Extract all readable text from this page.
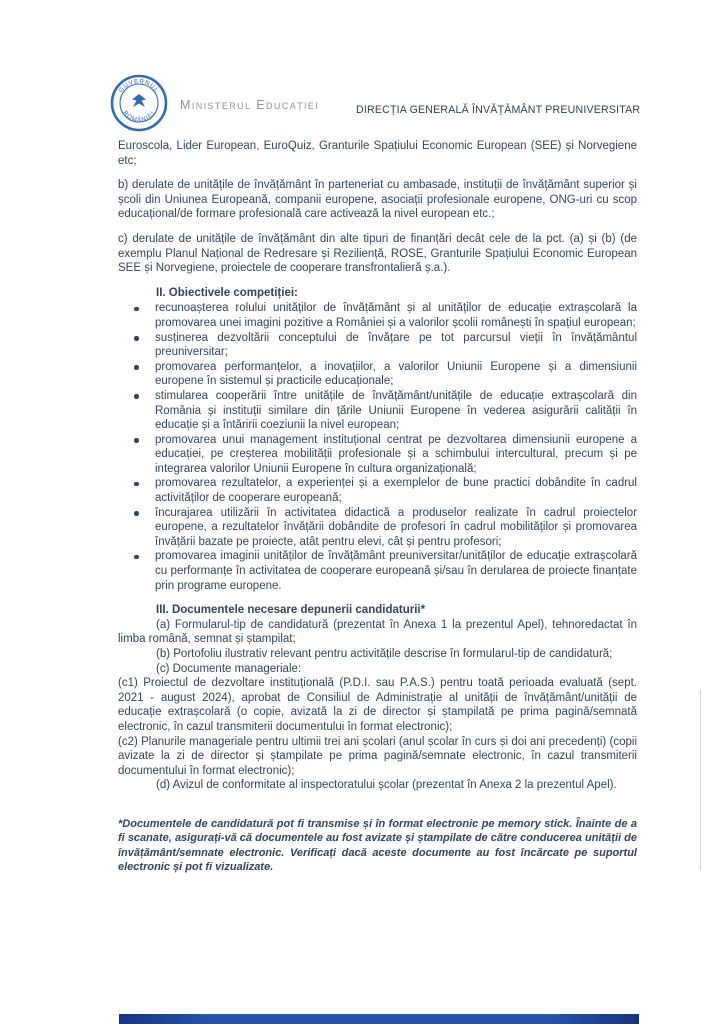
GUVERNUL
ROMÂNIEI
Ministerul Educației	DIRECȚIA GENERALĂ ÎNVĂȚĂMÂNT PREUNIVERSITAR

Euroscola, Lider European, EuroQuiz, Granturile Spațiului Economic European (SEE) și Norvegiene etc;

b) derulate de unitățile de învățământ în parteneriat cu ambasade, instituții de învățământ superior și școli din Uniunea Europeană, companii europene, asociații profesionale europene, ONG-uri cu scop educațional/de formare profesională care activează la nivel european etc.;

c) derulate de unitățile de învățământ din alte tipuri de finanțări decât cele de la pct. (a) și (b) (de exemplu Planul Național de Redresare și Reziliență, ROSE, Granturile Spațiului Economic European SEE și Norvegiene, proiectele de cooperare transfrontalieră ș.a.).

II. Obiectivele competiției:
recunoașterea rolului unităților de învățământ și al unităților de educație extrașcolară la promovarea unei imagini pozitive a României și a valorilor școlii românești în spațiul european;
susținerea dezvoltării conceptului de învățare pe tot parcursul vieții în învățământul preuniversitar;
promovarea performanțelor, a inovațiilor, a valorilor Uniunii Europene și a dimensiunii europene în sistemul și practicile educaționale;
stimularea cooperării între unitățile de învățământ/unitățile de educație extrașcolară din România și instituții similare din țările Uniunii Europene în vederea asigurării calității în educație și a întăririi coeziunii la nivel european;
promovarea unui management instituțional centrat pe dezvoltarea dimensiunii europene a educației, pe creșterea mobilității profesionale și a schimbului intercultural, precum și pe integrarea valorilor Uniunii Europene în cultura organizațională;
promovarea rezultatelor, a experienței și a exemplelor de bune practici dobândite în cadrul activităților de cooperare europeană;
încurajarea utilizării în activitatea didactică a produselor realizate în cadrul proiectelor europene, a rezultatelor învățării dobândite de profesori în cadrul mobilităților și promovarea învățării bazate pe proiecte, atât pentru elevi, cât și pentru profesori;
promovarea imaginii unităților de învățământ preuniversitar/unităților de educație extrașcolară cu performanțe în activitatea de cooperare europeană și/sau în derularea de proiecte finanțate prin programe europene.
III. Documentele necesare depunerii candidaturii*

(a) Formularul-tip de candidatură (prezentat în Anexa 1 la prezentul Apel), tehnoredactat în limba română, semnat și ștampilat;

(b) Portofoliu ilustrativ relevant pentru activitățile descrise în formularul-tip de candidatură;

(c) Documente manageriale:

(c1) Proiectul de dezvoltare instituțională (P.D.I. sau P.A.S.) pentru toată perioada evaluată (sept. 2021 - august 2024), aprobat de Consiliul de Administrație al unității de învățământ/unității de educație extrașcolară (o copie, avizată la zi de director și ștampilată pe prima pagină/semnată electronic, în cazul transmiterii documentului în format electronic);

(c2) Planurile manageriale pentru ultimii trei ani școlari (anul școlar în curs și doi ani precedenți) (copii avizate la zi de director și ștampilate pe prima pagină/semnate electronic, în cazul transmiterii documentului în format electronic);

(d) Avizul de conformitate al inspectoratului școlar (prezentat în Anexa 2 la prezentul Apel).

*Documentele de candidatură pot fi transmise și în format electronic pe memory stick. Înainte de a fi scanate, asigurați-vă că documentele au fost avizate și ștampilate de către conducerea unității de învățământ/semnate electronic. Verificați dacă aceste documente au fost încărcate pe suportul electronic și pot fi vizualizate.
